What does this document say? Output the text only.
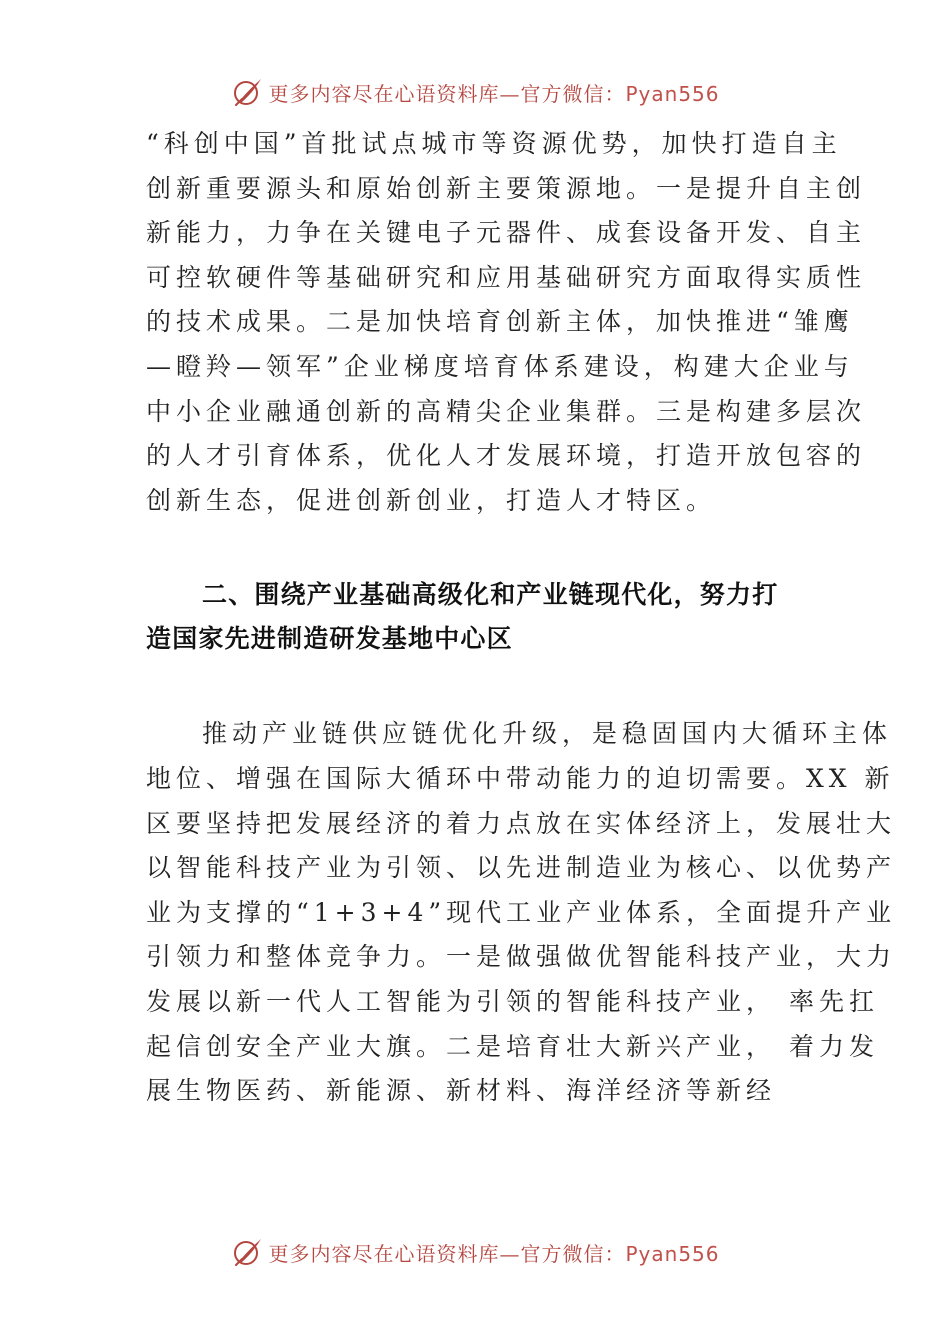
更多内容尽在心语资料库—官方微信：Pyan556
“科创中国”首批试点城市等资源优势，加快打造自主
创新重要源头和原始创新主要策源地。一是提升自主创
新能力，力争在关键电子元器件、成套设备开发、自主
可控软硬件等基础研究和应用基础研究方面取得实质性
的技术成果。二是加快培育创新主体，加快推进“雏鹰
—瞪羚—领军”企业梯度培育体系建设，构建大企业与
中小企业融通创新的高精尖企业集群。三是构建多层次
的人才引育体系，优化人才发展环境，打造开放包容的
创新生态，促进创新创业，打造人才特区。
二、围绕产业基础高级化和产业链现代化，努力打
造国家先进制造研发基地中心区
推动产业链供应链优化升级，是稳固国内大循环主体
地位、增强在国际大循环中带动能力的迫切需要。XX 新
区要坚持把发展经济的着力点放在实体经济上，发展壮大
以智能科技产业为引领、以先进制造业为核心、以优势产
业为支撑的“1+3+4”现代工业产业体系，全面提升产业
引领力和整体竞争力。一是做强做优智能科技产业，大力
发展以新一代人工智能为引领的智能科技产业， 率先扛
起信创安全产业大旗。二是培育壮大新兴产业， 着力发
展生物医药、新能源、新材料、海洋经济等新经
更多内容尽在心语资料库—官方微信：Pyan556
